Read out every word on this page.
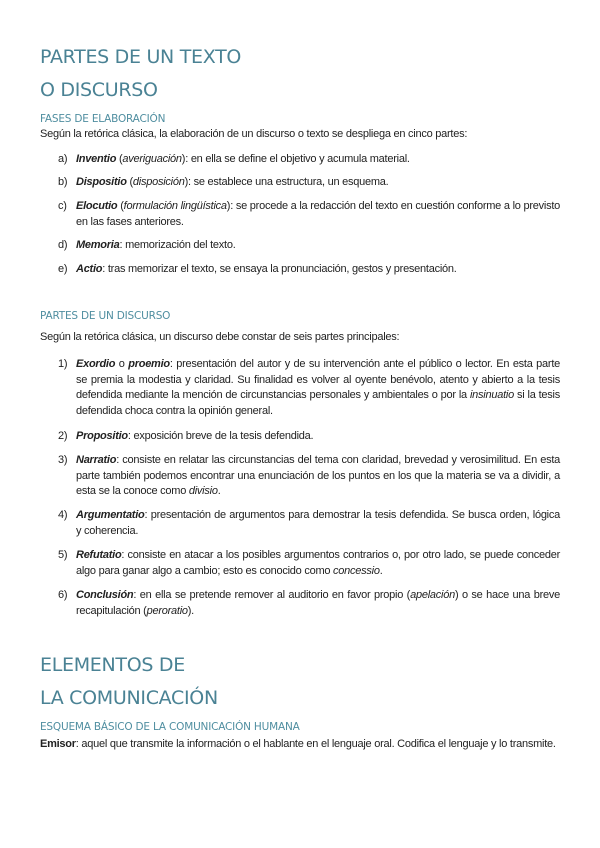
PARTES DE UN TEXTO
O DISCURSO
FASES DE ELABORACIÓN

Según la retórica clásica, la elaboración de un discurso o texto se despliega en cinco partes:

a) Inventio (averiguación): en ella se define el objetivo y acumula material.
b) Dispositio (disposición): se establece una estructura, un esquema.
c) Elocutio (formulación lingüística): se procede a la redacción del texto en cuestión conforme a lo previsto en las fases anteriores.
d) Memoria: memorización del texto.
e) Actio: tras memorizar el texto, se ensaya la pronunciación, gestos y presentación.
PARTES DE UN DISCURSO

Según la retórica clásica, un discurso debe constar de seis partes principales:

1) Exordio o proemio: presentación del autor y de su intervención ante el público o lector. En esta parte se premia la modestia y claridad. Su finalidad es volver al oyente benévolo, atento y abierto a la tesis defendida mediante la mención de circunstancias personales y ambientales o por la insinuatio si la tesis defendida choca contra la opinión general.
2) Propositio: exposición breve de la tesis defendida.
3) Narratio: consiste en relatar las circunstancias del tema con claridad, brevedad y verosimilitud. En esta parte también podemos encontrar una enunciación de los puntos en los que la materia se va a dividir, a esta se la conoce como divisio.
4) Argumentatio: presentación de argumentos para demostrar la tesis defendida. Se busca orden, lógica y coherencia.
5) Refutatio: consiste en atacar a los posibles argumentos contrarios o, por otro lado, se puede conceder algo para ganar algo a cambio; esto es conocido como concessio.
6) Conclusión: en ella se pretende remover al auditorio en favor propio (apelación) o se hace una breve recapitulación (peroratio).
ELEMENTOS DE
LA COMUNICACIÓN
ESQUEMA BÁSICO DE LA COMUNICACIÓN HUMANA

Emisor: aquel que transmite la información o el hablante en el lenguaje oral. Codifica el lenguaje y lo transmite.
